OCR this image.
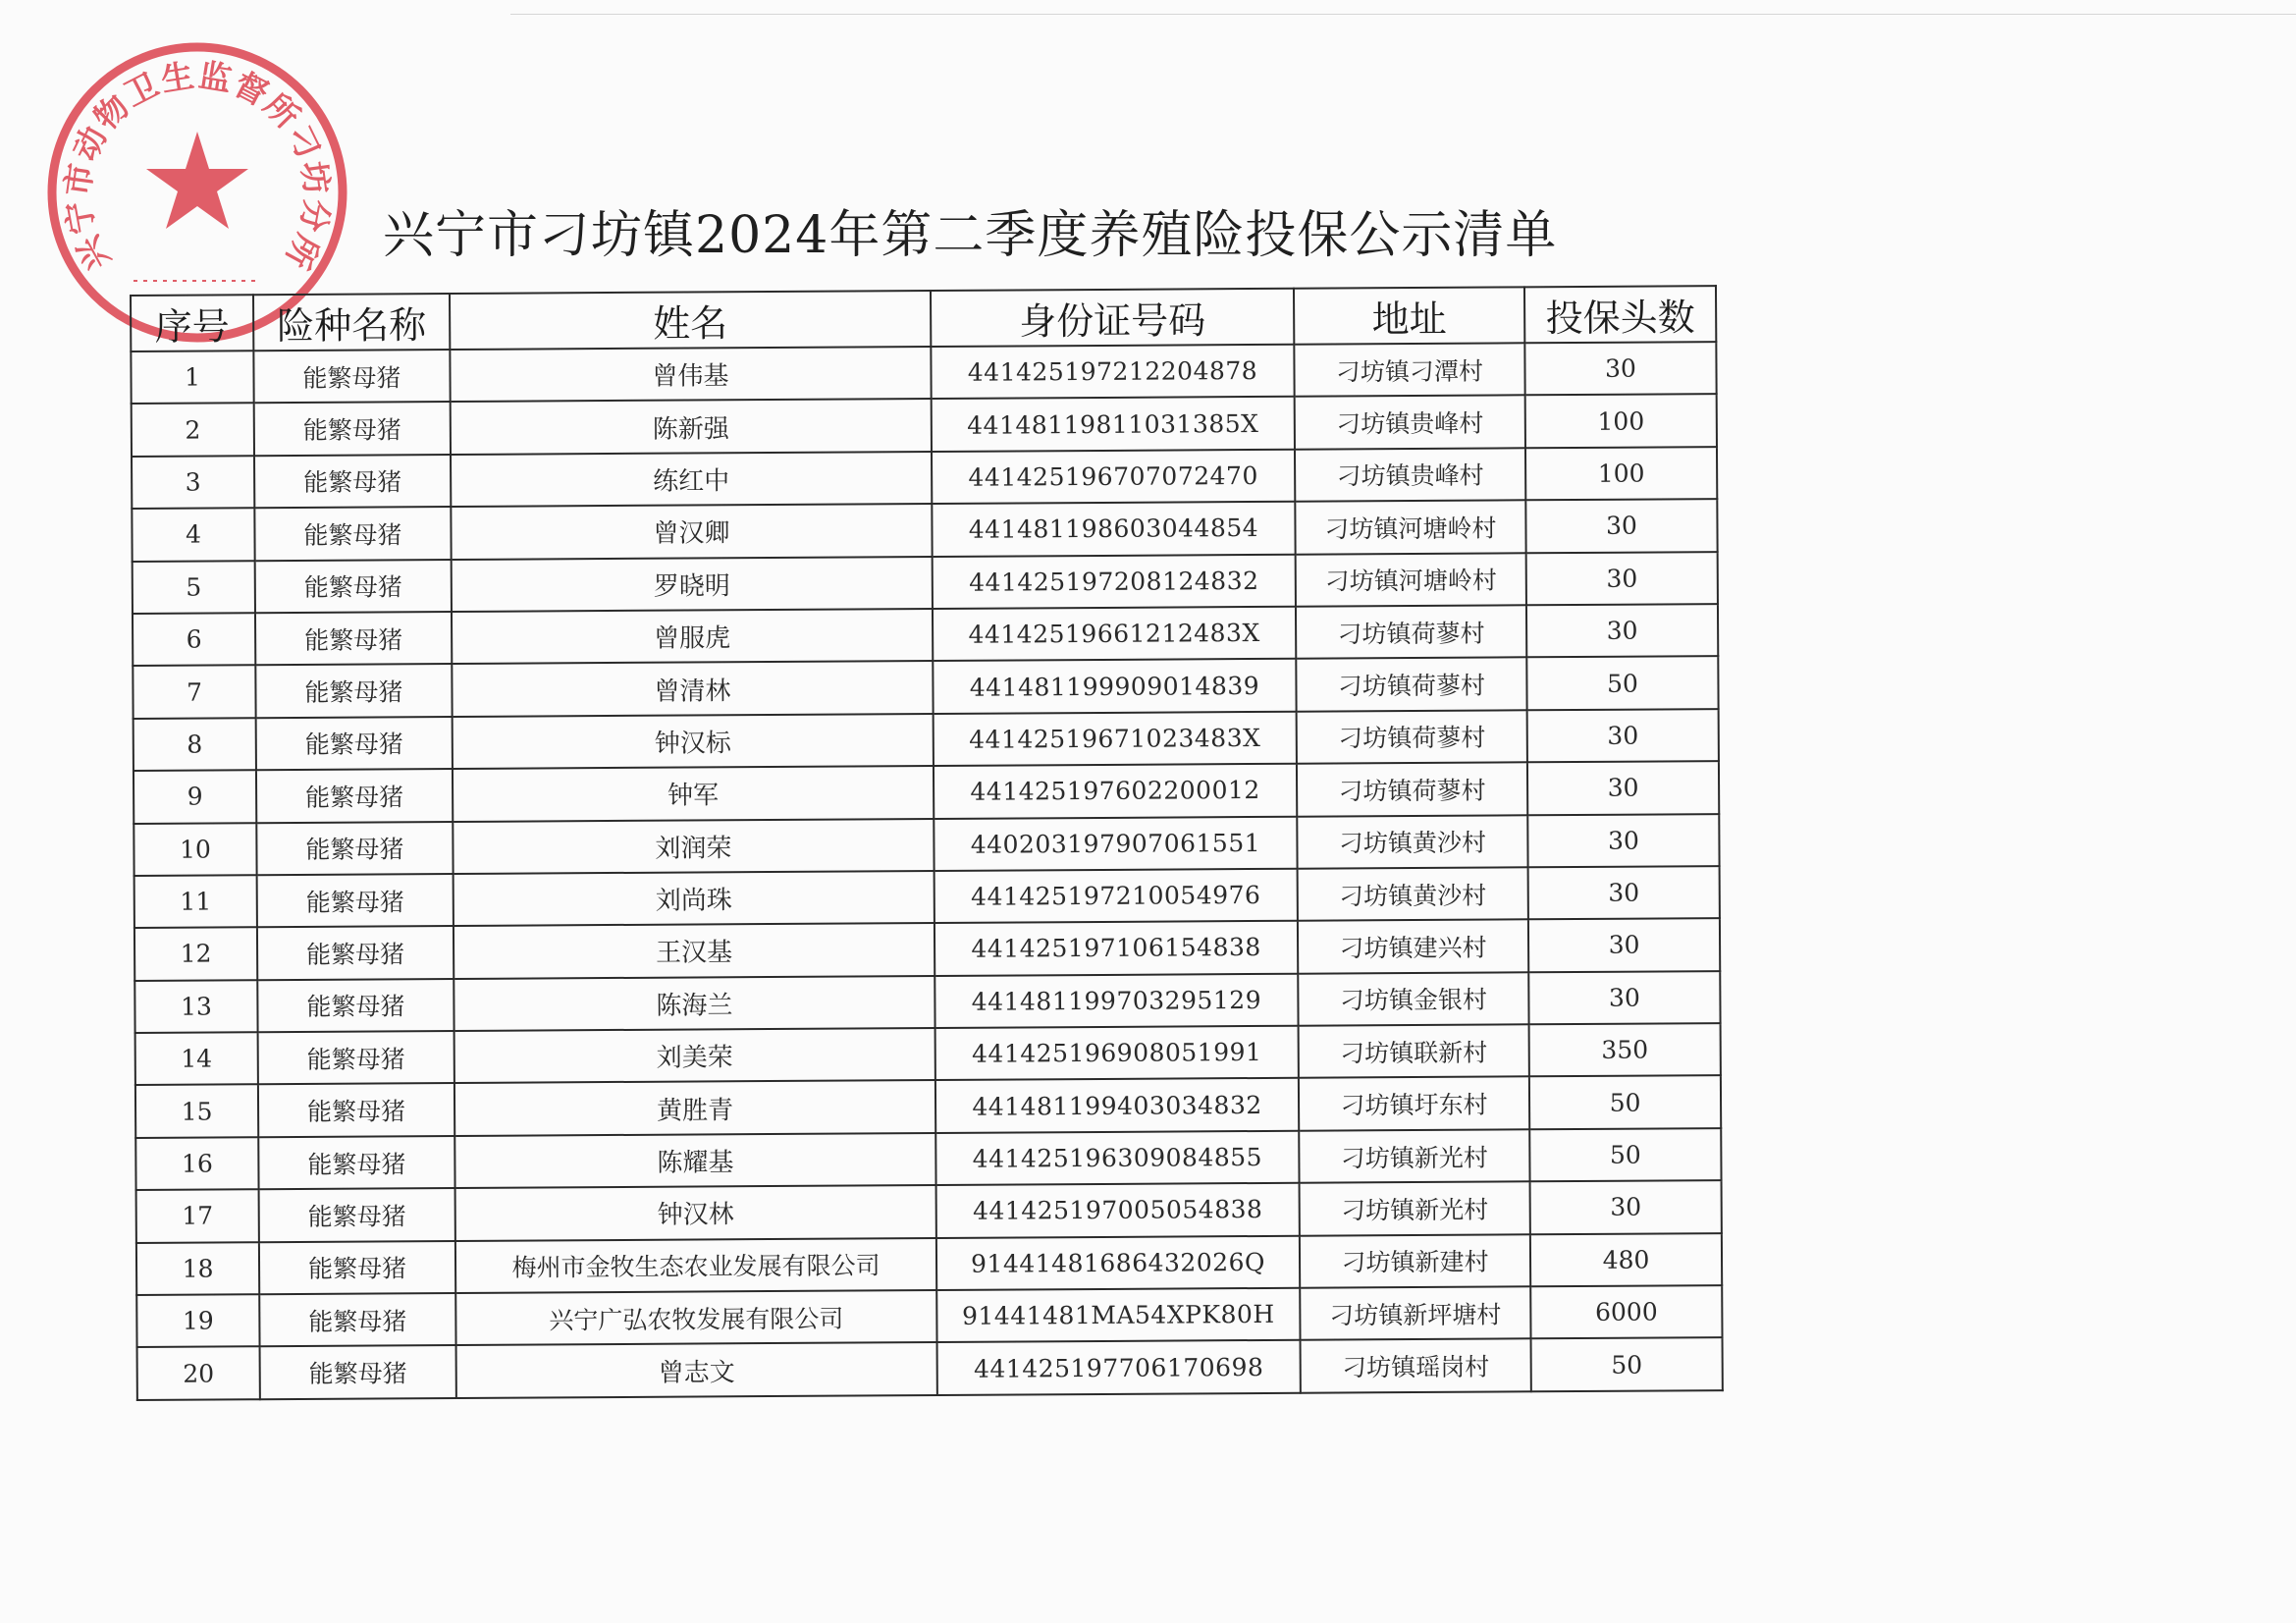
兴宁市动物卫生监督所刁坊分所 兴宁市刁坊镇2024年第二季度养殖险投保公示清单
序号	险种名称	姓名	身份证号码	地址	投保头数
1	能繁母猪	曾伟基	441425197212204878	刁坊镇刁潭村	30
2	能繁母猪	陈新强	44148119811031385X	刁坊镇贵峰村	100
3	能繁母猪	练红中	441425196707072470	刁坊镇贵峰村	100
4	能繁母猪	曾汉卿	441481198603044854	刁坊镇河塘岭村	30
5	能繁母猪	罗晓明	441425197208124832	刁坊镇河塘岭村	30
6	能繁母猪	曾服虎	44142519661212483X	刁坊镇荷蓼村	30
7	能繁母猪	曾清林	441481199909014839	刁坊镇荷蓼村	50
8	能繁母猪	钟汉标	44142519671023483X	刁坊镇荷蓼村	30
9	能繁母猪	钟军	441425197602200012	刁坊镇荷蓼村	30
10	能繁母猪	刘润荣	440203197907061551	刁坊镇黄沙村	30
11	能繁母猪	刘尚珠	441425197210054976	刁坊镇黄沙村	30
12	能繁母猪	王汉基	441425197106154838	刁坊镇建兴村	30
13	能繁母猪	陈海兰	441481199703295129	刁坊镇金银村	30
14	能繁母猪	刘美荣	441425196908051991	刁坊镇联新村	350
15	能繁母猪	黄胜青	441481199403034832	刁坊镇圩东村	50
16	能繁母猪	陈耀基	441425196309084855	刁坊镇新光村	50
17	能繁母猪	钟汉林	441425197005054838	刁坊镇新光村	30
18	能繁母猪	梅州市金牧生态农业发展有限公司	91441481686432026Q	刁坊镇新建村	480
19	能繁母猪	兴宁广弘农牧发展有限公司	91441481MA54XPK80H	刁坊镇新坪塘村	6000
20	能繁母猪	曾志文	441425197706170698	刁坊镇瑶岗村	50
